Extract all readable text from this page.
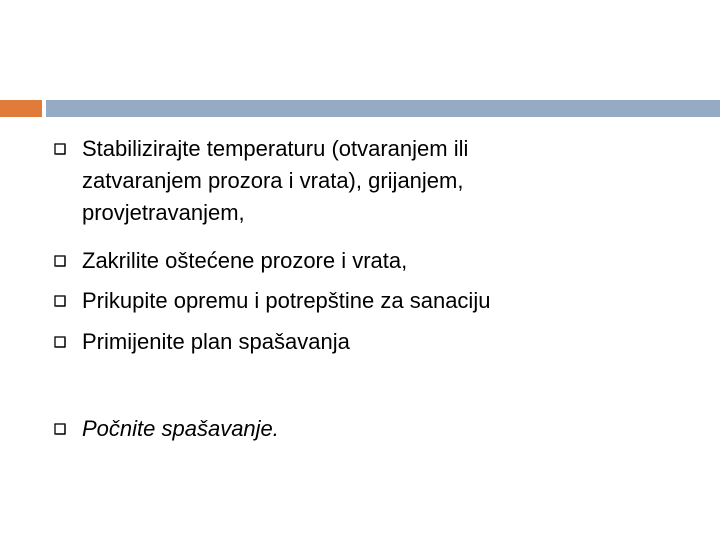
Stabilizirajte temperaturu (otvaranjem ili
zatvaranjem prozora i vrata), grijanjem,
provjetravanjem,
Zakrilite oštećene prozore i vrata,
Prikupite opremu i potrepštine za sanaciju
Primijenite plan spašavanja
Počnite spašavanje.
